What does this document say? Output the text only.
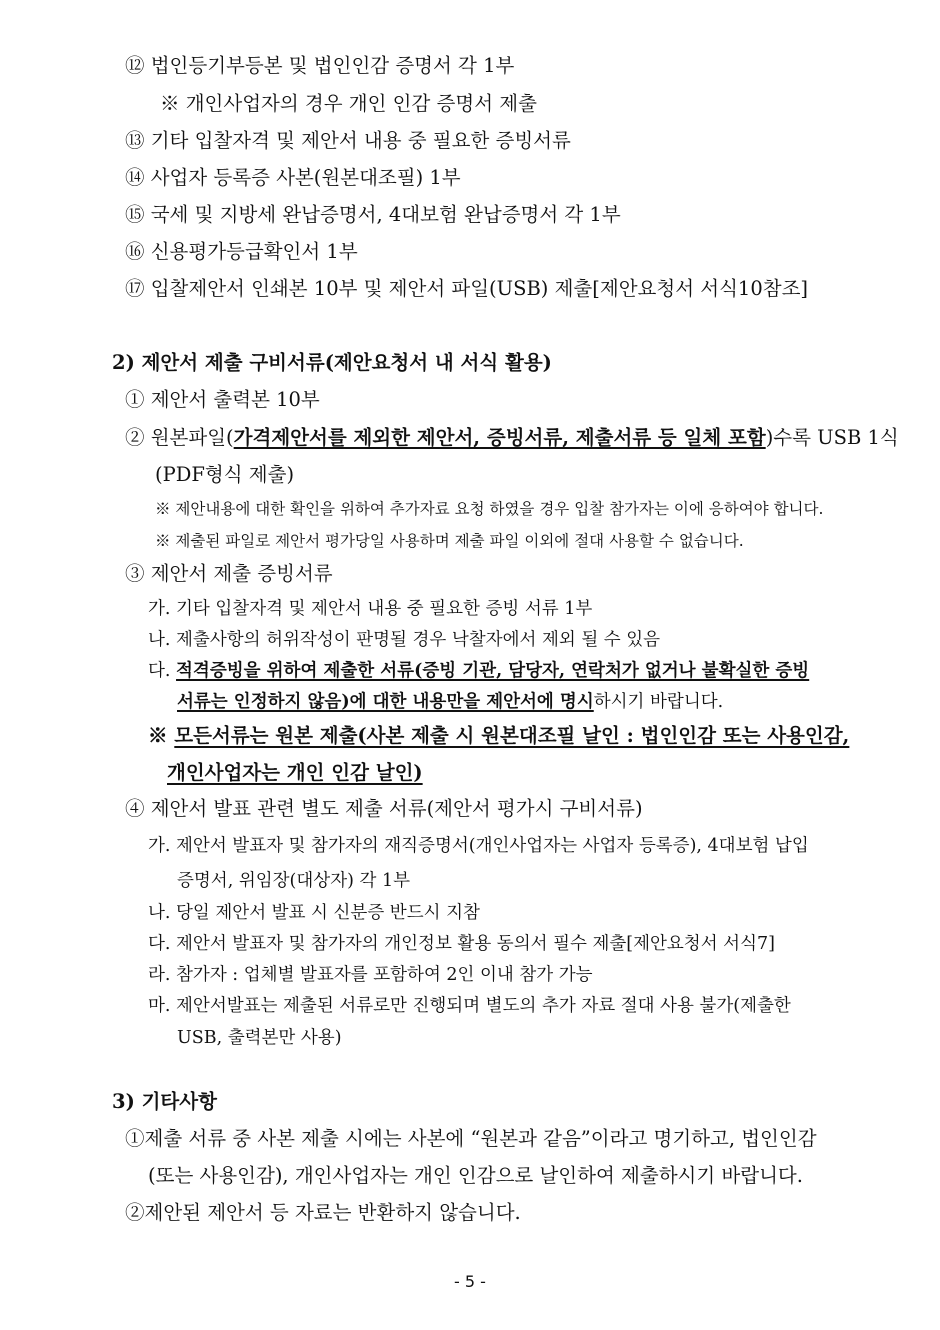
⑫ 법인등기부등본 및 법인인감 증명서 각 1부
※ 개인사업자의 경우 개인 인감 증명서 제출
⑬ 기타 입찰자격 및 제안서 내용 중 필요한 증빙서류
⑭ 사업자 등록증 사본(원본대조필) 1부
⑮ 국세 및 지방세 완납증명서, 4대보험 완납증명서 각 1부
⑯ 신용평가등급확인서 1부
⑰ 입찰제안서 인쇄본 10부 및 제안서 파일(USB) 제출[제안요청서 서식10참조]
2) 제안서 제출 구비서류(제안요청서 내 서식 활용)
① 제안서 출력본 10부
② 원본파일(가격제안서를 제외한 제안서, 증빙서류, 제출서류 등 일체 포함)수록 USB 1식
(PDF형식 제출)
※ 제안내용에 대한 확인을 위하여 추가자료 요청 하였을 경우 입찰 참가자는 이에 응하여야 합니다.
※ 제출된 파일로 제안서 평가당일 사용하며 제출 파일 이외에 절대 사용할 수 없습니다.
③ 제안서 제출 증빙서류
가. 기타 입찰자격 및 제안서 내용 중 필요한 증빙 서류 1부
나. 제출사항의 허위작성이 판명될 경우 낙찰자에서 제외 될 수 있음
다. 적격증빙을 위하여 제출한 서류(증빙 기관, 담당자, 연락처가 없거나 불확실한 증빙
서류는 인정하지 않음)에 대한 내용만을 제안서에 명시하시기 바랍니다.
※ 모든서류는 원본 제출(사본 제출 시 원본대조필 날인 : 법인인감 또는 사용인감,
개인사업자는 개인 인감 날인)
④ 제안서 발표 관련 별도 제출 서류(제안서 평가시 구비서류)
가. 제안서 발표자 및 참가자의 재직증명서(개인사업자는 사업자 등록증), 4대보험 납입
증명서, 위임장(대상자) 각 1부
나. 당일 제안서 발표 시 신분증 반드시 지참
다. 제안서 발표자 및 참가자의 개인정보 활용 동의서 필수 제출[제안요청서 서식7]
라. 참가자 : 업체별 발표자를 포함하여 2인 이내 참가 가능
마. 제안서발표는 제출된 서류로만 진행되며 별도의 추가 자료 절대 사용 불가(제출한
USB, 출력본만 사용)
3) 기타사항
①제출 서류 중 사본 제출 시에는 사본에 “원본과 같음”이라고 명기하고, 법인인감
(또는 사용인감), 개인사업자는 개인 인감으로 날인하여 제출하시기 바랍니다.
②제안된 제안서 등 자료는 반환하지 않습니다.
- 5 -
